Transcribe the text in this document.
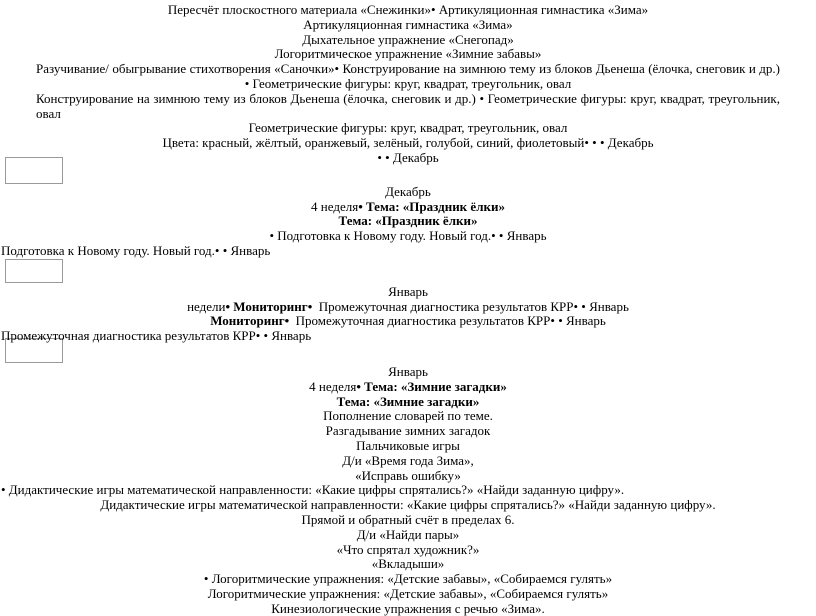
Пересчёт плоскостного материала «Снежинки»• Артикуляционная гимнастика «Зима»
Артикуляционная гимнастика «Зима»
Дыхательное упражнение «Снегопад»
Логоритмическое упражнение «Зимние забавы»
Разучивание/ обыгрывание стихотворения «Саночки»• Конструирование на зимнюю тему из блоков Дьенеша (ёлочка, снеговик и др.)
• Геометрические фигуры: круг, квадрат, треугольник, овал
Конструирование на зимнюю тему из блоков Дьенеша (ёлочка, снеговик и др.) • Геометрические фигуры: круг, квадрат, треугольник, овал
Геометрические фигуры: круг, квадрат, треугольник, овал
Цвета: красный, жёлтый, оранжевый, зелёный, голубой, синий, фиолетовый• • • Декабрь
• • Декабрь
Декабрь
4 неделя• Тема: «Праздник ёлки»
Тема: «Праздник ёлки»
• Подготовка к Новому году. Новый год.• • Январь
Подготовка к Новому году. Новый год.• • Январь
Январь
недели• Мониторинг•  Промежуточная диагностика результатов КРР• • Январь
Мониторинг•  Промежуточная диагностика результатов КРР• • Январь
Промежуточная диагностика результатов КРР• • Январь
Январь
4 неделя• Тема: «Зимние загадки»
Тема: «Зимние загадки»
Пополнение словарей по теме.
Разгадывание зимних загадок
Пальчиковые игры
Д/и «Время года Зима»,
«Исправь ошибку»
• Дидактические игры математической направленности: «Какие цифры спрятались?» «Найди заданную цифру».
Дидактические игры математической направленности: «Какие цифры спрятались?» «Найди заданную цифру».
Прямой и обратный счёт в пределах 6.
Д/и «Найди пары»
«Что спрятал художник?»
«Вкладыши»
• Логоритмические упражнения: «Детские забавы», «Собираемся гулять»
Логоритмические упражнения: «Детские забавы», «Собираемся гулять»
Кинезиологические упражнения с речью «Зима».
